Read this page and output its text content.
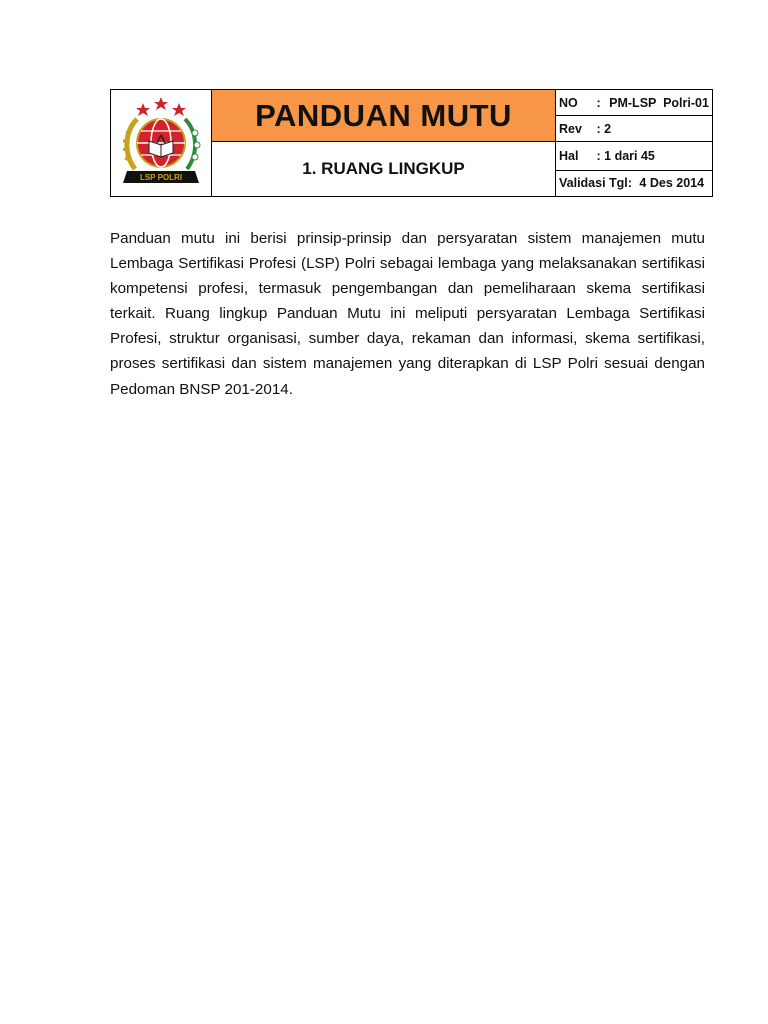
LSP POLRI	PANDUAN MUTU	NO : PM-LSP  Polri-01
		Rev : 2
	1. RUANG LINGKUP	Hal : 1 dari 45
		Validasi Tgl: 4 Des 2014

Panduan mutu ini berisi prinsip-prinsip dan persyaratan sistem manajemen mutu Lembaga Sertifikasi Profesi (LSP) Polri sebagai lembaga yang melaksanakan sertifikasi kompetensi profesi, termasuk pengembangan dan pemeliharaan skema sertifikasi terkait. Ruang lingkup Panduan Mutu ini meliputi persyaratan Lembaga Sertifikasi Profesi, struktur organisasi, sumber daya, rekaman dan informasi, skema sertifikasi, proses sertifikasi dan sistem manajemen yang diterapkan di LSP Polri sesuai dengan Pedoman BNSP 201-2014.
